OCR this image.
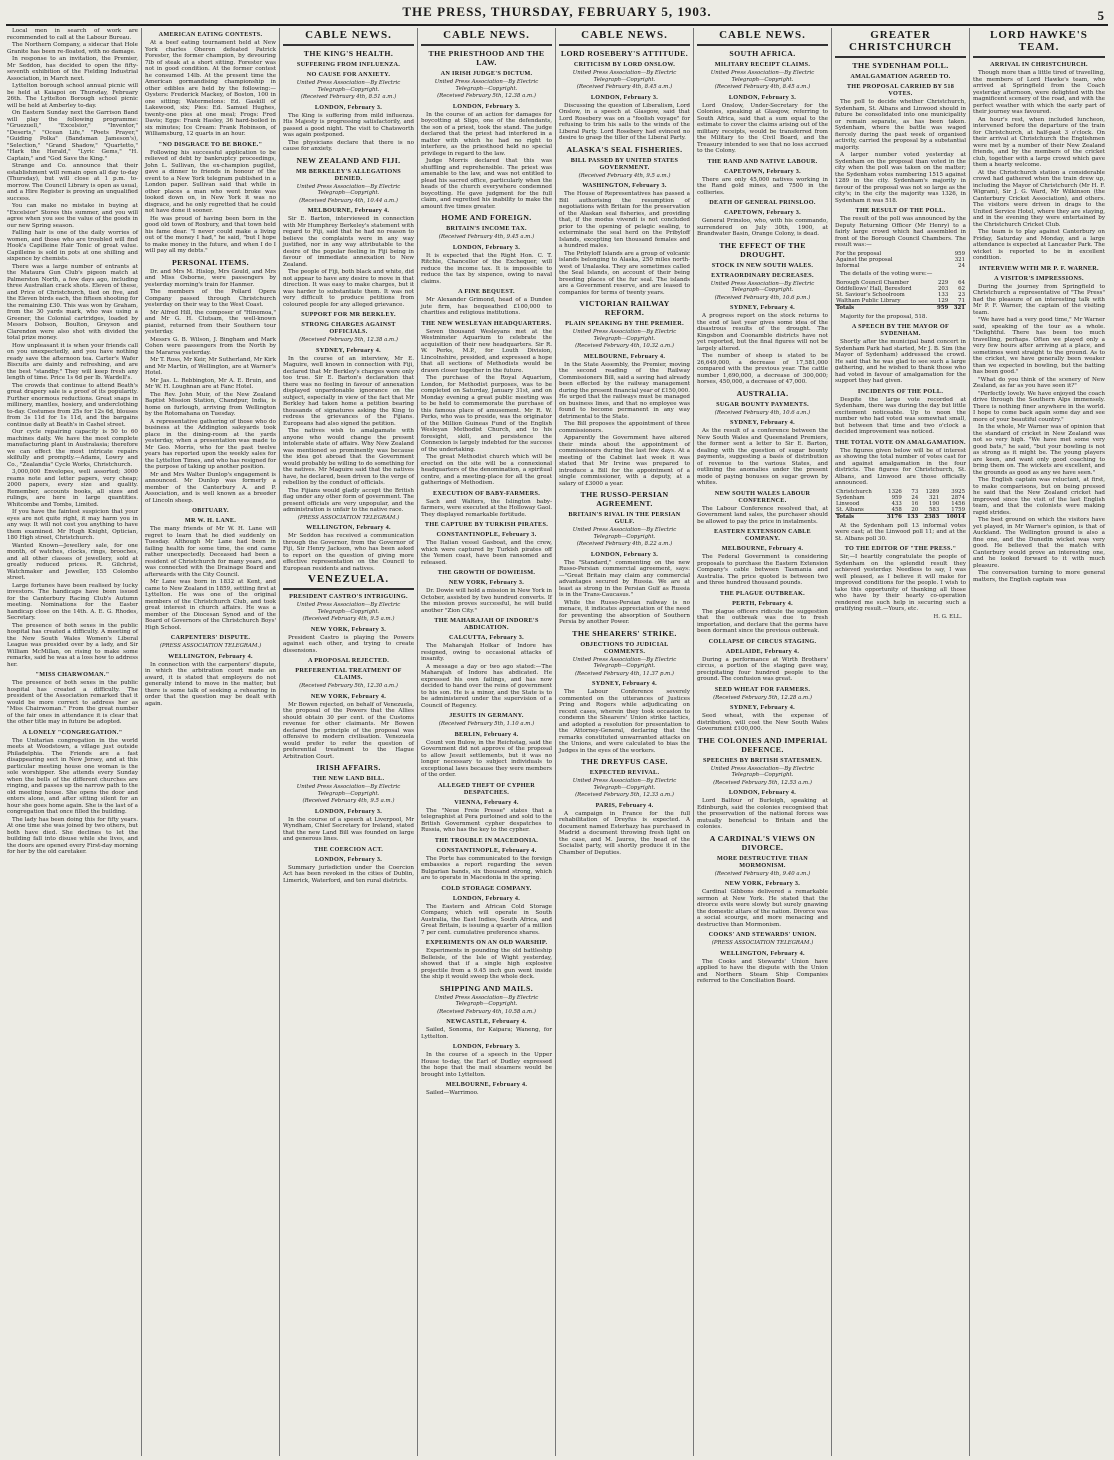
THE PRESS, THURSDAY, FEBRUARY 5, 1903.	5

Local men in search of work are recommended to call at the Labour Bureau.

The Northern Company, a sidecar that Hole Granite has been re-floated, with no damage.

In response to an invitation, the Premier, Mr Seddon, has decided to open the fifty-seventh exhibition of the Fielding Industrial Association, in March next.

Lyttelton borough school annual picnic will be held at Kaiapoi on Thursday, February 26th. The Lyttelton Borough school picnic will be held at Amberley to-day.

On Eastern Sunday next the Garrison Band will play the following programme: "Gruezuell," "Excelsior," "Inventor," "Deserts," "Ocean Life," "Poets Prayer," "Guiding Polka" (Bandsman Jameson's), "Selection," "Grand Shadow," "Quartetto," "Hark the Herald," "Lyric Gems," "H. Captain," and "God Save the King."

Strange and Co. announce that their establishment will remain open all day to-day (Thursday), but will close at 1 p.m. to-morrow. The Council Library is open as usual, and a Hire Register is proving an unqualified success.

You can make no mistake in buying at "Excelsior" Stores this summer, and you will agree when you see the value of the goods in our new Spring season.

Falling hair is one of the daily worries of women, and those who are troubled will find Hook's Capilleine Hair Tonic of great value. Capilleine is sold in pots at one shilling and sixpence by chemists.

There was a large number of entrants at the Mataura Gun Club's pigeon match at Palmerston North, a few days ago, including three Australian crack shots. Eleven of these, and Price of Christchurch, tied on five, and the Eleven birds each, the fifteen shooting for the remaining £30. This was won by Graham, from the 30 yards mark, who was using a Greener, the Colonial cartridges, loaded by Messrs Dobson, Boulton, Greyson and Clarendon were also shot with divided the total prize money.

How unpleasant it is when your friends call on you unexpectedly, and you have nothing ready save the afternoon tea. Carter's Wafer Biscuits are dainty and refreshing, and are the best "standby." They will keep fresh any length of time. Price 1s 6d per lb. Wardell's.

The crowds that continue to attend Beath's great drapery sale is a proof of its popularity. Further enormous reductions. Great snaps in millinery, mantles, hosiery, and underclothing to-day. Costumes from 25s for 12s 6d, blouses from 3s 11d for 1s 11d, and the bargains continue daily at Beath's in Cashel street.

Our cycle repairing capacity is 50 to 60 machines daily. We have the most complete manufacturing plant in Australasia; therefore we can effect the most intricate repairs skilfully and promptly.—Adams, Lowry and Co., "Zealandia" Cycle Works, Christchurch.

3,000,000 Envelopes, well assorted; 3000 reams note and letter papers, very cheap; 2000 papers, every size and quality. Remember, accounts books, all sizes and rulings, are here in large quantities. Whitcombe and Tombs, Limited.

If you have the faintest suspicion that your eyes are not quite right, it may harm you in any way. It will not cost you anything to have them examined. Mr Hugh Knight, Optician, 180 High street, Christchurch.

Wanted Known—Jewellery sale, for one month, of watches, clocks, rings, brooches, and all other classes of jewellery, sold at greatly reduced prices. R. Gilchrist, Watchmaker and Jeweller, 155 Colombo street.

Large fortunes have been realised by lucky investors. The handicaps have been issued for the Canterbury Racing Club's Autumn meeting. Nominations for the Easter handicap close on the 14th. A. E. G. Rhodes, Secretary.

The presence of both sexes in the public hospital has created a difficulty. A meeting of the New South Wales Women's Liberal League was presided over by a lady, and Sir William McMillan, on rising to make some remarks, said he was at a loss how to address her.

"MISS CHARWOMAN."

The presence of both sexes in the public hospital has created a difficulty. The president of the Association remarked that it would be more correct to address her as "Miss Chairwoman." From the great number of the fair ones in attendance it is clear that the other title may in future be adopted.

A LONELY "CONGREGATION."

The Unitarian congregation in the world meets at Woodstown, a village just outside Philadelphia. The Friends are a fast disappearing sect in New Jersey, and at this particular meeting house one woman is the sole worshipper. She attends every Sunday when the bells of the different churches are ringing, and passes up the narrow path to the old meeting house. She opens the door and enters alone, and after sitting silent for an hour she goes home again. She is the last of a congregation that once filled the building.

The lady has been doing this for fifty years. At one time she was joined by two others, but both have died. She declines to let the building fall into disuse while she lives, and the doors are opened every First-day morning for her by the old caretaker.

AMERICAN EATING CONTESTS.

At a beef eating tournament held at New York charles Oheren defeated Patrick Forester, the former champion, by devouring 7lb of steak at a short sitting. Forester was not in good condition. At the former contest he consumed 14lb. At the present time the American gormandising championship in other edibles are held by the following:—Oysters: Frederick Mackey, of Boston, 100 in one sitting; Watermelons: Ed. Gaskill of Lakewood, six; Pies: Ed. Samuel Hughes, twenty-one pies at one meal; Frogs: Fred Davis; Eggs: Frank Hasley, 36 hard-boiled in six minutes; Ice Cream: Frank Robinson, of Williamsburg, 12 quarts in an hour.

"NO DISGRACE TO BE BROKE."

Following his successful application to be relieved of debt by bankruptcy proceedings, John L. Sullivan, the ex-champion pugilist, gave a dinner to friends in honour of the event to a New York telegram published in a London paper. Sullivan said that while in other places a man who went broke was looked down on, in New York it was no disgrace, and he only regretted that he could not have done it sooner.

He was proud of having been born in the good old town of Roxbury, and that town held his fame dear. "I never could make a living out of the money I had," he said, "but I hope to make money in the future, and when I do I will pay all my debts."

PERSONAL ITEMS.

Dr. and Mrs M. Hislop, Mrs Gould, and Mrs and Miss Osborne, were passengers by yesterday morning's train for Hanmer.

The members of the Pollard Opera Company passed through Christchurch yesterday on their way to the West Coast.

Mr Alfred Hill, the composer of "Hinemoa," and Mr G. H. Clutsam, the well-known pianist, returned from their Southern tour yesterday.

Messrs G. B. Wilson, J. Bingham and Mark Cohen were passengers from the North by the Mararoa yesterday.

Mr T. Ross, Mr Keir, Mr Sutherland, Mr Kirk and Mr Martin, of Wellington, are at Warner's Hotel.

Mr Jas. L. Rebbington, Mr A. E. Bruin, and Mr W. H. Loughnan are at Fanc Hotel.

The Rev. John Muir, of the New Zealand Baptist Mission Station, Chandpur, India, is home on furlough, arriving from Wellington by the Rotomahana on Tuesday.

A representative gathering of those who do business at the Addington saleyards took place in the dining-room at the yards yesterday, when a presentation was made to Mr Geo. Morris, who for the past twelve years has reported upon the weekly sales for the Lyttelton Times, and who has resigned for the purpose of taking up another position.

Mr and Mrs Walter Dunlop's engagement is announced. Mr Dunlop was formerly a member of the Canterbury A. and P. Association, and is well known as a breeder of Lincoln sheep.

OBITUARY.
MR W. H. LANE.

The many friends of Mr W. H. Lane will regret to learn that he died suddenly on Tuesday. Although Mr Lane had been in failing health for some time, the end came rather unexpectedly. Deceased had been a resident of Christchurch for many years, and was connected with the Drainage Board and afterwards with the City Council.

Mr Lane was born in 1832 at Kent, and came to New Zealand in 1859, settling first at Lyttelton. He was one of the original members of the Christchurch Club, and took great interest in church affairs. He was a member of the Diocesan Synod and of the Board of Governors of the Christchurch Boys' High School.

CARPENTERS' DISPUTE.
(PRESS ASSOCIATION TELEGRAM.)
WELLINGTON, February 4.

In connection with the carpenters' dispute, in which the arbitration court made an award, it is stated that employers do not generally intend to move in the matter, but there is some talk of seeking a rehearing in order that the question may be dealt with again.

CABLE NEWS.
THE KING'S HEALTH.
SUFFERING FROM INFLUENZA.
NO CAUSE FOR ANXIETY.
United Press Association—By Electric Telegraph—Copyright.
(Received February 4th, 8.51 a.m.)
LONDON, February 3.

The King is suffering from mild influenza. His Majesty is progressing satisfactorily, and passed a good night. The visit to Chatsworth was again postponed.

The physicians declare that there is no cause for anxiety.

NEW ZEALAND AND FIJI.
MR BERKELEY'S ALLEGATIONS DENIED.
United Press Association—By Electric Telegraph—Copyright.
(Received February 4th, 10.44 a.m.)
MELBOURNE, February 4.

Sir E. Barton, interviewed in connection with Mr Humphrey Berkeley's statement with regard to Fiji, said that he had no reason to believe the complaints were in any way justified, nor in any way attributable to the desire of the popular feeling in Fiji being in favour of immediate annexation to New Zealand.

The people of Fiji, both black and white, did not appear to have any desire to move in that direction. It was easy to make charges, but it was harder to substantiate them. It was not very difficult to produce petitions from coloured people for any alleged grievance.

SUPPORT FOR MR BERKLEY.
STRONG CHARGES AGAINST OFFICIALS.
(Received February 5th, 12.38 a.m.)
SYDNEY, February 4.

In the course of an interview, Mr E. Maguire, well known in connection with Fiji, declared that Mr Berkley's charges were only too true. Sir E. Barton's declaration that there was no feeling in favour of annexation displayed unpardonable ignorance on the subject, especially in view of the fact that Mr Berkley had taken home a petition bearing thousands of signatures asking the King to redress the grievances of the Fijians. Europeans had also signed the petition.

The natives wish to amalgamate with anyone who would change the present intolerable state of affairs. Why New Zealand was mentioned so prominently was because the idea got abroad that the Government would probably be willing to do something for the natives. Mr Maguire said that the natives have, he declared, been driven to the verge of rebellion by the conduct of officials.

The Fijians would gladly accept the British flag under any other form of government. The present officials are very unpopular, and the administration is unfair to the native race.

(PRESS ASSOCIATION TELEGRAM.)
WELLINGTON, February 4.

Mr Seddon has received a communication through the Governor, from the Governor of Fiji, Sir Henry Jackson, who has been asked to report on the question of giving more effective representation on the Council to European residents and natives.

VENEZUELA.
PRESIDENT CASTRO'S INTRIGUING.
United Press Association—By Electric Telegraph—Copyright.
(Received February 4th, 9.5 a.m.)
NEW YORK, February 3.

President Castro is playing the Powers against each other, and trying to create dissensions.

A PROPOSAL REJECTED.
PREFERENTIAL TREATMENT OF CLAIMS.
(Received February 5th, 12.30 a.m.)
NEW YORK, February 4.

Mr Bowen rejected, on behalf of Venezuela, the proposal of the Powers that the Allies should obtain 30 per cent. of the Customs revenue for other claimants. Mr Bowen declared the principle of the proposal was offensive to modern civilisation. Venezuela would prefer to refer the question of preferential treatment to the Hague Arbitration Court.

IRISH AFFAIRS.
THE NEW LAND BILL.
United Press Association—By Electric Telegraph—Copyright.
(Received February 4th, 9.5 a.m.)
LONDON, February 3.

In the course of a speech at Liverpool, Mr Wyndham, Chief Secretary for Ireland, stated that the new Land Bill was founded on large and generous lines.

THE COERCION ACT.
LONDON, February 3.

Summary jurisdiction under the Coercion Act has been revoked in the cities of Dublin, Limerick, Waterford, and ten rural districts.

CABLE NEWS.
THE PRIESTHOOD AND THE LAW.
AN IRISH JUDGE'S DICTUM.
United Press Association—By Electric Telegraph—Copyright.
(Received February 5th, 12.38 a.m.)
LONDON, February 3.

In the course of an action for damages for boycotting at Sligo, one of the defendants, the son of a priest, took the stand. The judge declared that the priest had interfered in a matter with which he had no right to interfere, as the priesthood held no special privilege in regard to the law.

Judge Morris declared that this was shuffling and reprehensible. The priest was amenable to the law, and was not entitled to plead his sacred office, particularly when the heads of the church everywhere condemned boycotting. He gave judgment for the full claim, and regretted his inability to make the amount five times greater.

HOME AND FOREIGN.
BRITAIN'S INCOME TAX.
(Received February 4th, 9.45 a.m.)
LONDON, February 3.

It is expected that the Right Hon. C. T. Ritchie, Chancellor of the Exchequer, will reduce the income tax. It is impossible to reduce the tax by sixpence, owing to naval claims.

A FINE BEQUEST.

Mr Alexander Grimond, head of a Dundee jute firm, has bequeathed £100,000 to charities and religious institutions.

THE NEW WESLEYAN HEADQUARTERS.

Seven thousand Wesleyans met at the Westminster Aquarium to celebrate the acquisition of their new headquarters. Sir R. W. Perks, M.P., for Louth Division, Lincolnshire, presided, and expressed a hope that all sections of Methodists would be drawn closer together in the future.

The purchase of the Royal Aquarium, London, for Methodist purposes, was to be completed on Saturday, January 31st, and on Monday evening a great public meeting was to be held to commemorate the purchase of this famous place of amusement. Mr R. W. Perks, who was to preside, was the originator of the Million Guineas Fund of the English Wesleyan Methodist Church, and to his foresight, skill, and persistence the Connexion is largely indebted for the success of the undertaking.

The great Methodist church which will be erected on the site will be a connexional headquarters of the denomination, a spiritual centre, and a meeting-place for all the great gatherings of Methodism.

EXECUTION OF BABY-FARMERS.

Sach and Walters, the Islington baby-farmers, were executed at the Holloway Gaol. They displayed remarkable fortitude.

THE CAPTURE BY TURKISH PIRATES.
CONSTANTINOPLE, February 3.

The Italian vessel Gasboat, and the crew, which were captured by Turkish pirates off the Yemen coast, have been ransomed and released.

THE GROWTH OF DOWIEISM.
NEW YORK, February 3.

Dr. Dowie will hold a mission in New York in October, assisted by two hundred converts. If the mission proves successful, he will build another "Zion City."

THE MAHARAJAH OF INDORE'S ABDICATION.
CALCUTTA, February 3.

The Maharajah Holkar of Indore has resigned, owing to occasional attacks of insanity.

A message a day or two ago stated:—The Maharajah of Indore has abdicated. He expressed his own failings, and has now decided to hand over the reins of government to his son. He is a minor, and the State is to be administered under the supervision of a Council of Regency.

JESUITS IN GERMANY.
(Received February 5th, 1.10 a.m.)
BERLIN, February 4.

Count von Bulow, in the Reichstag, said the Government did not approve of the proposal to allow Jesuit settlements, but it was no longer necessary to subject individuals to exceptional laws because they were members of the order.

ALLEGED THEFT OF CYPHER DESPATCHES.
VIENNA, February 4.

The "Neue Freie Presse" states that a telegraphist at Pera purloined and sold to the British Government cypher despatches to Russia, who has the key to the cypher.

THE TROUBLE IN MACEDONIA.
CONSTANTINOPLE, February 4.

The Porte has communicated to the foreign embassies a report regarding the seven Bulgarian bands, six thousand strong, which are to operate in Macedonia in the spring.

COLD STORAGE COMPANY.
LONDON, February 4.

The Eastern and African Cold Storage Company, which will operate in South Australia, the East Indies, South Africa, and Great Britain, is issuing a quarter of a million 7 per cent. cumulative preference shares.

EXPERIMENTS ON AN OLD WARSHIP.

Experiments in pounding the old battleship Belleisle, of the Isle of Wight yesterday, showed that if a single high explosive projectile from a 9.45 inch gun went inside the ship it would sweep the whole deck.

SHIPPING AND MAILS.
United Press Association—By Electric Telegraph—Copyright.
(Received February 4th, 10.58 a.m.)
NEWCASTLE, February 4.

Sailed, Sonoma, for Kaipara; Waneng, for Lyttelton.

LONDON, February 3.

In the course of a speech in the Upper House to-day, the Earl of Dudley expressed the hope that the mail steamers would be brought into Lyttelton.

MELBOURNE, February 4.

Sailed—Warrimoo.

CABLE NEWS.
LORD ROSEBERY'S ATTITUDE.
CRITICISM BY LORD ONSLOW.
United Press Association—By Electric Telegraph—Copyright.
(Received February 4th, 8.45 a.m.)
LONDON, February 3.

Discussing the question of Liberalism, Lord Onslow, in a speech at Glasgow, said that Lord Rosebery was on a "foolish voyage" for refusing to trim his sails to the winds of the Liberal Party. Lord Rosebery had evinced no desire to grasp the tiller of the Liberal Party.

ALASKA'S SEAL FISHERIES.
BILL PASSED BY UNITED STATES GOVERNMENT.
(Received February 4th, 9.5 a.m.)
WASHINGTON, February 3.

The House of Representatives has passed a Bill authorising the resumption of negotiations with Britain for the preservation of the Alaskan seal fisheries, and providing that, if the modus vivendi is not concluded prior to the opening of pelagic sealing, to exterminate the seal herd on the Pribyloff Islands, excepting ten thousand females and a hundred males.

The Pribyloff Islands are a group of volcanic islands belonging to Alaska, 250 miles north-west of Unalaska. They are sometimes called the Seal Islands, on account of their being breeding places of the fur seal. The islands are a Government reserve, and are leased to companies for terms of twenty years.

VICTORIAN RAILWAY REFORM.
PLAIN SPEAKING BY THE PREMIER.
United Press Association—By Electric Telegraph—Copyright.
(Received February 4th, 10.32 a.m.)
MELBOURNE, February 4.

In the State Assembly, the Premier, moving the second reading of the Railway Commissioners Bill, said a saving had already been effected by the railway management during the present financial year of £150,000. He urged that the railways must be managed on business lines, and that no employee was found to become permanent in any way detrimental to the State.

The Bill proposes the appointment of three commissioners.

Apparently the Government have altered their minds about the appointment of commissioners during the last few days. At a meeting of the Cabinet last week it was stated that Mr Irvine was prepared to introduce a Bill for the appointment of a single commissioner, with a deputy, at a salary of £3000 a year.

THE RUSSO-PERSIAN AGREEMENT.
BRITAIN'S RIVAL IN THE PERSIAN GULF.
United Press Association—By Electric Telegraph—Copyright.
(Received February 4th, 8.22 a.m.)
LONDON, February 3.

The "Standard," commenting on the new Russo-Persian commercial agreement, says:—"Great Britain may claim any commercial advantages secured by Russia. We are at least as strong in the Persian Gulf as Russia is in the Trans-Caucasus."

While the Russo-Persian railway is no menace, it indicates appreciation of the need for preventing the absorption of Southern Persia by another Power.

THE SHEARERS' STRIKE.
OBJECTIONS TO JUDICIAL COMMENTS.
United Press Association—By Electric Telegraph—Copyright.
(Received February 4th, 11.37 p.m.)
SYDNEY, February 4.

The Labour Conference severely commented on the utterances of Justices Pring and Rogers while adjudicating on recent cases, wherein they took occasion to condemn the Shearers' Union strike tactics, and adopted a resolution for presentation to the Attorney-General, declaring that the remarks constituted unwarranted attacks on the Unions, and were calculated to bias the Judges in the eyes of the workers.

THE DREYFUS CASE.
EXPECTED REVIVAL.
United Press Association—By Electric Telegraph—Copyright.
(Received February 5th, 12.33 a.m.)
PARIS, February 4.

A campaign in France for the full rehabilitation of Dreyfus is expected. A document named Esterhazy has purchased in Madrid a document throwing fresh light on the case, and M. Jaures, the head of the Socialist party, will shortly produce it in the Chamber of Deputies.

CABLE NEWS.
SOUTH AFRICA.
MILITARY RECEIPT CLAIMS.
United Press Association—By Electric Telegraph—Copyright.
(Received February 4th, 8.45 a.m.)
LONDON, February 3.

Lord Onslow, Under-Secretary for the Colonies, speaking at Glasgow, referring to South Africa, said that a sum equal to the estimate to cover the claims arising out of the military receipts, would be transferred from the Military to the Civil Board, and the Treasury intended to see that no loss accrued to the Colony.

THE RAND AND NATIVE LABOUR.
CAPETOWN, February 3.

There are only 45,000 natives working in the Rand gold mines, and 7500 in the collieries.

DEATH OF GENERAL PRINSLOO.
CAPETOWN, February 3.

General Prinsloo, who, with his commando, surrendered on July 30th, 1900, at Brandwater Basin, Orange Colony, is dead.

THE EFFECT OF THE DROUGHT.
STOCK IN NEW SOUTH WALES.
EXTRAORDINARY DECREASES.
United Press Association—By Electric Telegraph—Copyright.
(Received February 4th, 10.6 p.m.)
SYDNEY, February 4.

A progress report on the stock returns to the end of last year gives some idea of the disastrous results of the drought. The Kingsbon and Coonamble districts have not yet reported, but the final figures will not be largely altered.

The number of sheep is stated to be 26,649,000, a decrease of 17,581,000 compared with the previous year. The cattle number 1,690,000, a decrease of 300,000; horses, 450,000, a decrease of 47,000.

AUSTRALIA.
SUGAR BOUNTY PAYMENTS.
(Received February 4th, 10.6 a.m.)
SYDNEY, February 4.

As the result of a conference between the New South Wales and Queensland Premiers, the former sent a letter to Sir E. Barton, dealing with the question of sugar bounty payments, suggesting a basis of distribution of revenue to the various States, and outlining the anomalies under the present mode of paying bonuses on sugar grown by whites.

NEW SOUTH WALES LABOUR CONFERENCE.

The Labour Conference resolved that, at Government land sales, the purchaser should be allowed to pay the price in instalments.

EASTERN EXTENSION CABLE COMPANY.
MELBOURNE, February 4.

The Federal Government is considering proposals to purchase the Eastern Extension Company's cable between Tasmania and Australia. The price quoted is between two and three hundred thousand pounds.

THE PLAGUE OUTBREAK.
PERTH, February 4.

The plague officers ridicule the suggestion that the outbreak was due to fresh importation, and declare that the germs have been dormant since the previous outbreak.

COLLAPSE OF CIRCUS STAGING.
ADELAIDE, February 4.

During a performance at Wirth Brothers' circus, a portion of the staging gave way, precipitating four hundred people to the ground. The confusion was great.

SEED WHEAT FOR FARMERS.
(Received February 5th, 12.28 a.m.)
SYDNEY, February 4.

Seed wheat, with the expense of distribution, will cost the New South Wales Government £100,000.

THE COLONIES AND IMPERIAL DEFENCE.
SPEECHES BY BRITISH STATESMEN.
United Press Association—By Electric Telegraph—Copyright.
(Received February 5th, 12.53 a.m.)
LONDON, February 4.

Lord Balfour of Burleigh, speaking at Edinburgh, said the colonies recognised that the preservation of the national forces was mutually beneficial to Britain and the colonies.

A CARDINAL'S VIEWS ON DIVORCE.
MORE DESTRUCTIVE THAN MORMONISM.
(Received February 4th, 9.40 a.m.)
NEW YORK, February 3.

Cardinal Gibbons delivered a remarkable sermon at New York. He stated that the divorce evils were slowly but surely gnawing the domestic altars of the nation. Divorce was a social scourge, and more menacing and destructive than Mormonism.

COOKS' AND STEWARDS' UNION.
(PRESS ASSOCIATION TELEGRAM.)
WELLINGTON, February 4.

The Cooks and Stewards' Union have applied to have the dispute with the Union and Northern Steam Ship Companies referred to the Conciliation Board.

GREATER CHRISTCHURCH
THE SYDENHAM POLL.
AMALGAMATION AGREED TO.
THE PROPOSAL CARRIED BY 518 VOTES.

The poll to decide whether Christchurch, Sydenham, St. Albans and Linwood should in future be consolidated into one municipality or remain separate, as has been taken. Sydenham, where the battle was waged fiercely during the past week of organised activity, carried the proposal by a substantial majority.

A larger number voted yesterday at Sydenham on the proposal than voted in the city when the poll was taken on the matter; the Sydenham votes numbering 1515 against 1289 in the city. Sydenham's majority in favour of the proposal was not so large as the city's; in the city the majority was 1326, in Sydenham it was 518.

THE RESULT OF THE POLL.

The result of the poll was announced by the Deputy Returning Officer (Mr Henry) to a fairly large crowd which had assembled in front of the Borough Council Chambers. The result was:—

For the proposal	959
Against the proposal	321
Informal	24

The details of the voting were:—

Borough Council Chamber	229	64
Oddfellows' Hall, Beresford	203	62
St. Saviour's Schoolroom	133	23
Waltham Public Library	129	71
Totals	959	321

Majority for the proposal, 518.

A SPEECH BY THE MAYOR OF SYDENHAM.

Shortly after the municipal band concert in Sydenham Park had started, Mr J. B. Sim (the Mayor of Sydenham) addressed the crowd. He said that he was glad to see such a large gathering, and he wished to thank those who had voted in favour of amalgamation for the support they had given.

INCIDENTS OF THE POLL.

Despite the large vote recorded at Sydenham, there was during the day but little excitement noticeable. Up to noon the number who had voted was somewhat small, but between that time and two o'clock a decided improvement was noticed.

THE TOTAL VOTE ON AMALGAMATION.

The figures given below will be of interest as showing the total number of votes cast for and against amalgamation in the four districts. The figures for Christchurch, St. Albans, and Linwood are those officially announced.

Christchurch	1326	73	1289	3925
Sydenham	959	24	321	2874
Linwood	433	16	190	1456
St. Albans	458	20	583	1759
Totals	3176	133	2383	10014

At the Sydenham poll 13 informal votes were cast; at the Linwood poll 11; and at the St. Albans poll 30.

TO THE EDITOR OF "THE PRESS."

Sir,—I heartily congratulate the people of Sydenham on the splendid result they achieved yesterday. Needless to say, I was well pleased, as I believe it will make for improved conditions for the people. I wish to take this opportunity of thanking all those who have by their hearty co-operation rendered me such help in securing such a gratifying result.—Yours, etc.

H. G. ELL.
LORD HAWKE'S TEAM.
ARRIVAL IN CHRISTCHURCH.

Though more than a little tired of travelling, the members of Lord Hawke's team, who arrived at Springfield from the Coach yesterday afternoon, were delighted with the magnificent scenery of the road, and with the perfect weather with which the early part of their journey was favoured.

An hour's rest, when included luncheon, intervened before the departure of the train for Christchurch, at half-past 3 o'clock. On their arrival at Christchurch the Englishmen were met by a number of their New Zealand friends, and by the members of the cricket club, together with a large crowd which gave them a hearty welcome.

At the Christchurch station a considerable crowd had gathered when the train drew up, including the Mayor of Christchurch (Mr H. F. Wigram), Sir J. G. Ward, Mr Wilkinson (the Canterbury Cricket Association), and others. The visitors were driven in drags to the United Service Hotel, where they are staying, and in the evening they were entertained by the Christchurch Cricket Club.

The team is to play against Canterbury on Friday, Saturday and Monday, and a large attendance is expected at Lancaster Park. The wicket is reported to be in excellent condition.

INTERVIEW WITH MR P. F. WARNER.
A VISITOR'S IMPRESSIONS.

During the journey from Springfield to Christchurch a representative of "The Press" had the pleasure of an interesting talk with Mr P. F. Warner, the captain of the visiting team.

"We have had a very good time," Mr Warner said, speaking of the tour as a whole. "Delightful. There has been too much travelling, perhaps. Often we played only a very few hours after arriving at a place, and sometimes went straight to the ground. As to the cricket, we have generally been weaker than we expected in bowling, but the batting has been good."

"What do you think of the scenery of New Zealand, as far as you have seen it?"

"Perfectly lovely. We have enjoyed the coach drive through the Southern Alps immensely. There is nothing finer anywhere in the world. I hope to come back again some day and see more of your beautiful country."

In the whole, Mr Warner was of opinion that the standard of cricket in New Zealand was not so very high. "We have met some very good bats," he said, "but your bowling is not as strong as it might be. The young players are keen, and want only good coaching to bring them on. The wickets are excellent, and the grounds as good as any we have seen."

The English captain was reluctant, at first, to make comparisons, but on being pressed he said that the New Zealand cricket had improved since the visit of the last English team, and that the colonists were making rapid strides.

The best ground on which the visitors have yet played, in Mr Warner's opinion, is that of Auckland. The Wellington ground is also a fine one, and the Dunedin wicket was very good. He believed that the match with Canterbury would prove an interesting one, and he looked forward to it with much pleasure.

The conversation turning to more general matters, the English captain was
